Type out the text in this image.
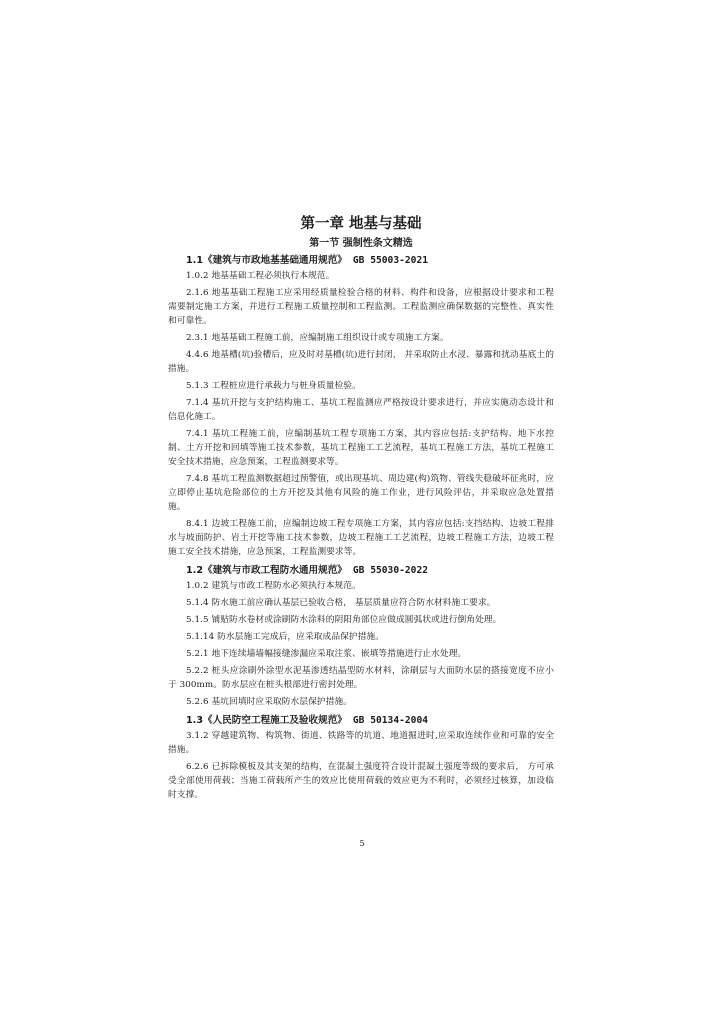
第一章 地基与基础
第一节 强制性条文精选
1.1《建筑与市政地基基础通用规范》 GB 55003-2021

1.0.2 地基基础工程必须执行本规范。

2.1.6 地基基础工程施工应采用经质量检验合格的材料、构件和设备，应根据设计要求和工程需要制定施工方案，并进行工程施工质量控制和工程监测。工程监测应确保数据的完整性、真实性和可靠性。

2.3.1 地基基础工程施工前，应编制施工组织设计或专项施工方案。

4.4.6 地基槽(坑)验槽后，应及时对基槽(坑)进行封闭， 并采取防止水浸、暴露和扰动基底土的措施。

5.1.3 工程桩应进行承载力与桩身质量检验。

7.1.4 基坑开挖与支护结构施工、基坑工程监测应严格按设计要求进行，并应实施动态设计和信息化施工。

7.4.1 基坑工程施工前，应编制基坑工程专项施工方案，其内容应包括:支护结构、地下水控制、土方开挖和回填等施工技术参数，基坑工程施工工艺流程，基坑工程施工方法，基坑工程施工安全技术措施，应急预案，工程监测要求等。

7.4.8 基坑工程监测数据超过预警值，或出现基坑、周边建(构)筑物、管线失稳破坏征兆时，应立即停止基坑危险部位的土方开挖及其他有风险的施工作业，进行风险评估，并采取应急处置措施。

8.4.1 边坡工程施工前，应编制边坡工程专项施工方案，其内容应包括:支挡结构、边坡工程排水与坡面防护、岩土开挖等施工技术参数，边坡工程施工工艺流程，边坡工程施工方法，边坡工程施工安全技术措施，应急预案，工程监测要求等。

1.2《建筑与市政工程防水通用规范》 GB 55030-2022

1.0.2 建筑与市政工程防水必须执行本规范。

5.1.4 防水施工前应确认基层已验收合格， 基层质量应符合防水材料施工要求。

5.1.5 铺贴防水卷材或涂刷防水涂料的阴阳角部位应做成圆弧状或进行倒角处理。

5.1.14 防水层施工完成后，应采取成品保护措施。

5.2.1 地下连续墙墙幅接缝渗漏应采取注浆、嵌填等措施进行止水处理。

5.2.2 桩头应涂刷外涂型水泥基渗透结晶型防水材料，涂刷层与大面防水层的搭接宽度不应小于 300mm。防水层应在桩头根部进行密封处理。

5.2.6 基坑回填时应采取防水层保护措施。

1.3《人民防空工程施工及验收规范》 GB 50134-2004

3.1.2 穿越建筑物、构筑物、街道、铁路等的坑道、地道掘进时,应采取连续作业和可靠的安全措施。

6.2.6 已拆除模板及其支架的结构，在混凝土强度符合设计混凝土强度等级的要求后， 方可承受全部使用荷载；当施工荷载所产生的效应比使用荷载的效应更为不利时，必须经过核算，加设临时支撑。

5
